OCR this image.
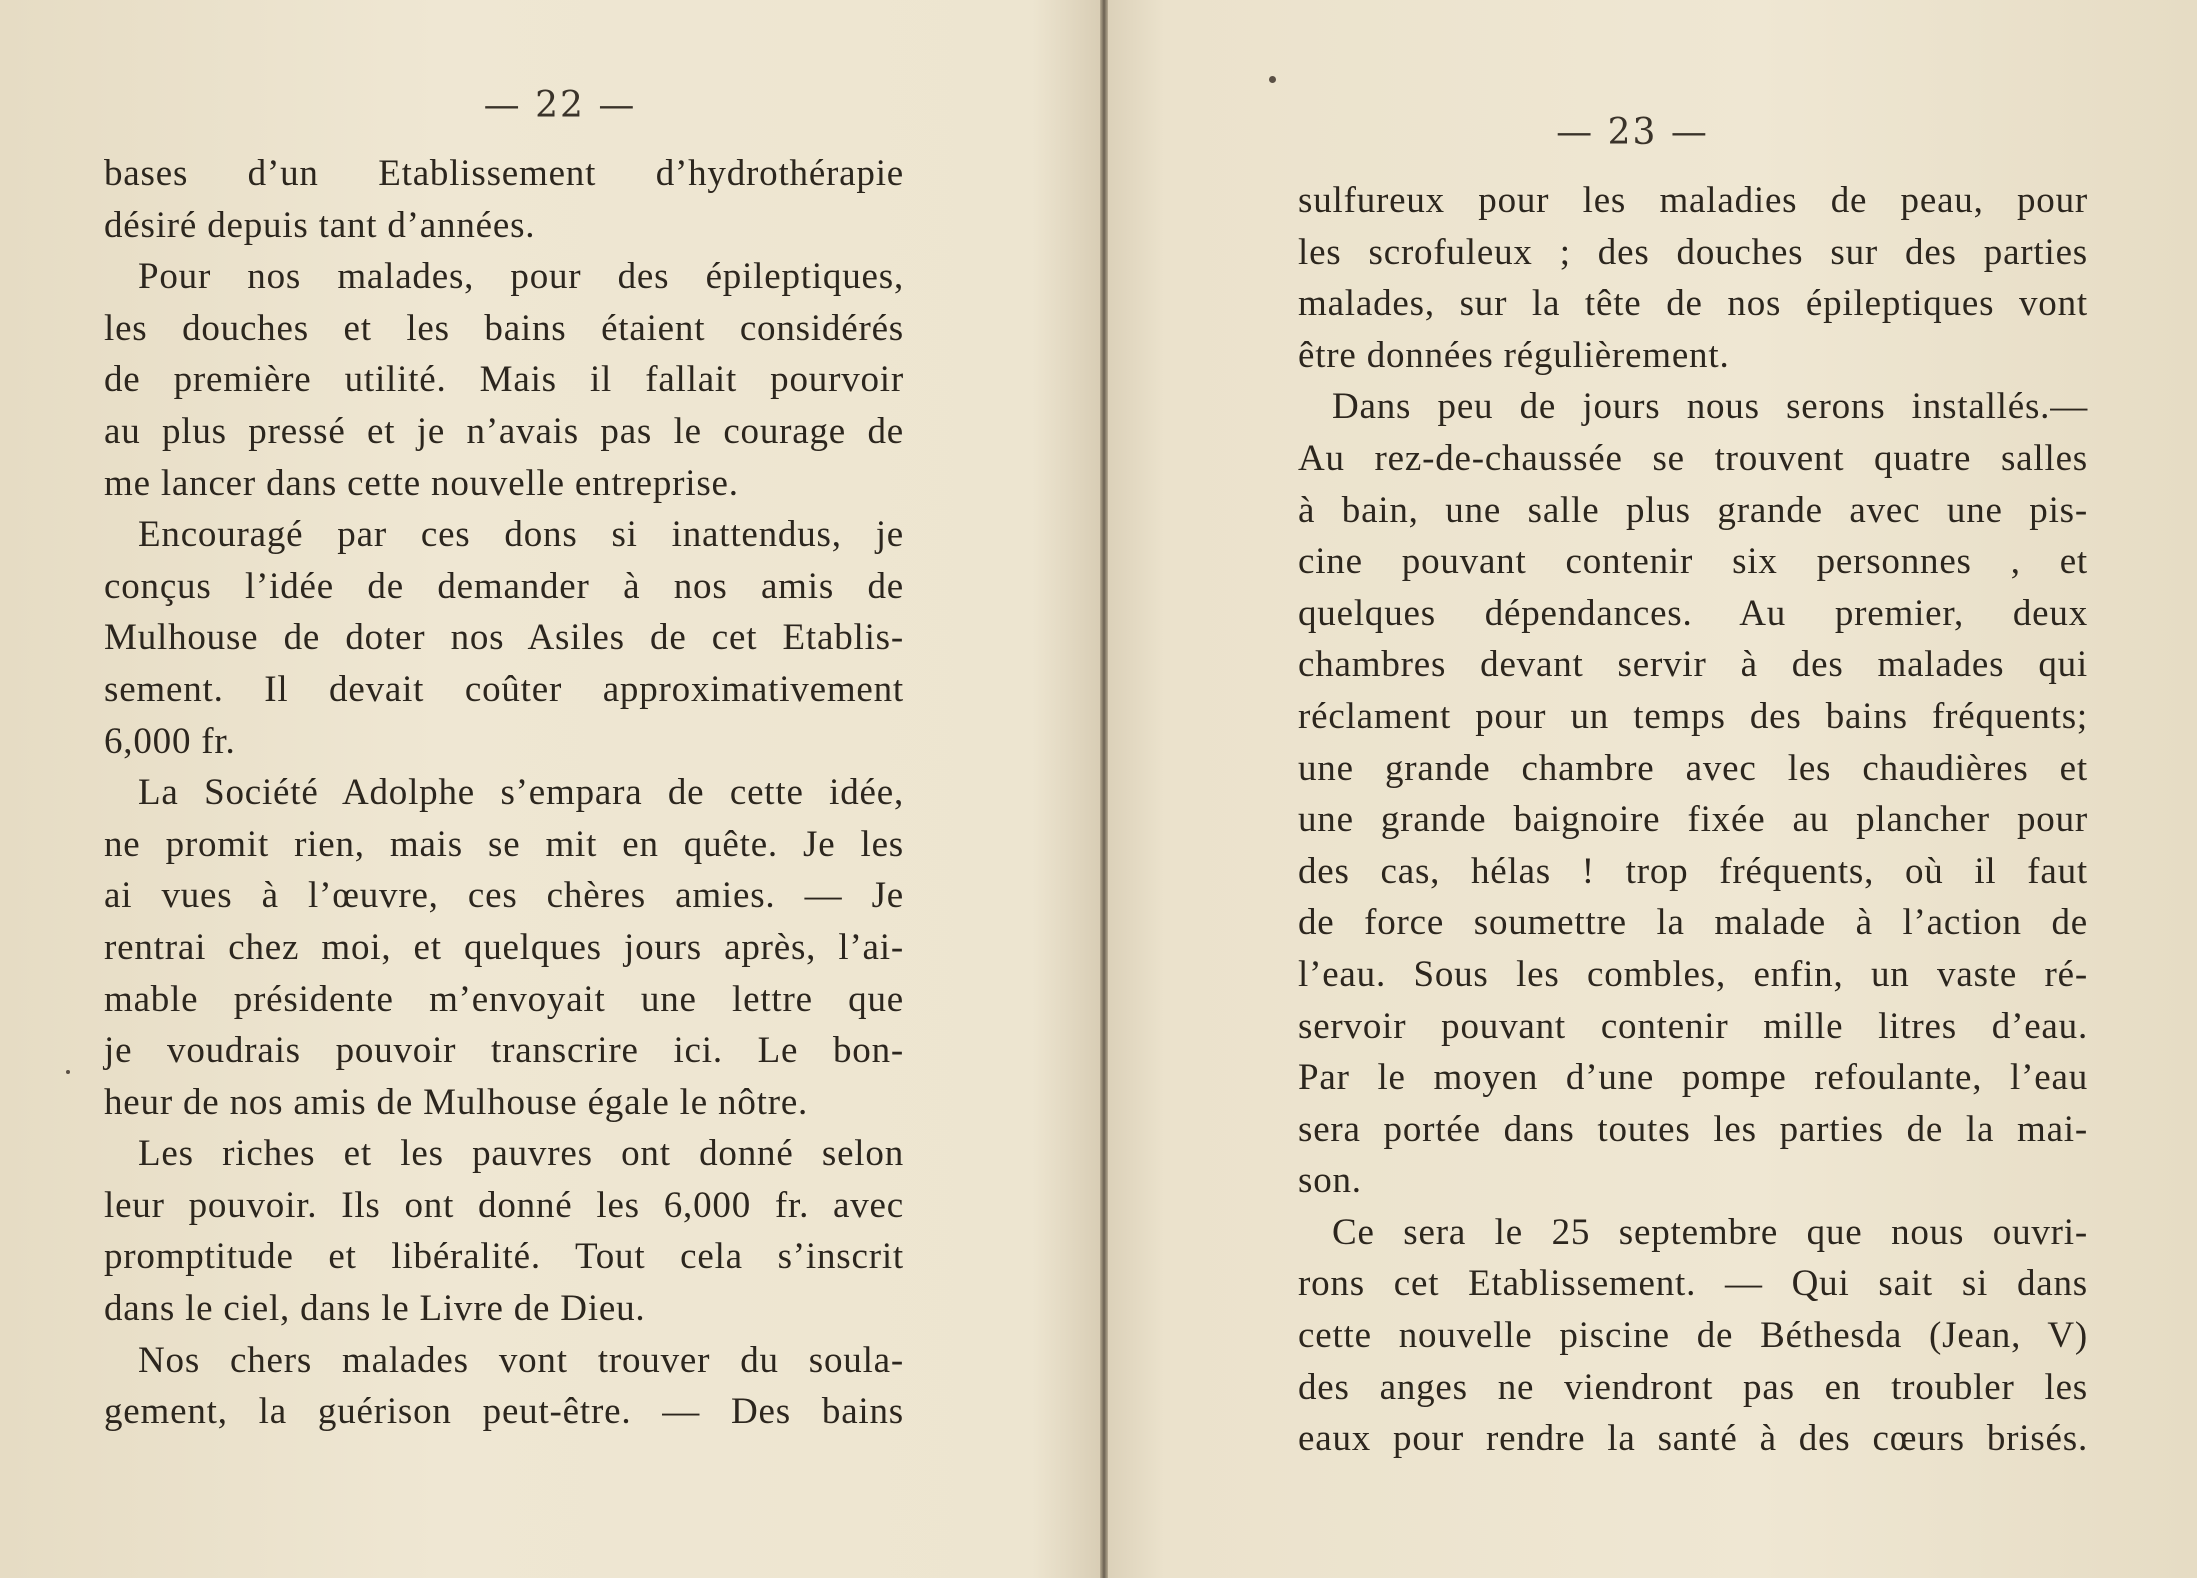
— 22 —
bases d’un Etablissement d’hydrothérapie
désiré depuis tant d’années.
Pour nos malades, pour des épileptiques,
les douches et les bains étaient considérés
de première utilité. Mais il fallait pourvoir
au plus pressé et je n’avais pas le courage de
me lancer dans cette nouvelle entreprise.
Encouragé par ces dons si inattendus, je
conçus l’idée de demander à nos amis de
Mulhouse de doter nos Asiles de cet Etablis-
sement. Il devait coûter approximativement
6,000 fr.
La Société Adolphe s’empara de cette idée,
ne promit rien, mais se mit en quête. Je les
ai vues à l’œuvre, ces chères amies. — Je
rentrai chez moi, et quelques jours après, l’ai-
mable présidente m’envoyait une lettre que
je voudrais pouvoir transcrire ici. Le bon-
heur de nos amis de Mulhouse égale le nôtre.
Les riches et les pauvres ont donné selon
leur pouvoir. Ils ont donné les 6,000 fr. avec
promptitude et libéralité. Tout cela s’inscrit
dans le ciel, dans le Livre de Dieu.
Nos chers malades vont trouver du soula-
gement, la guérison peut-être. — Des bains
— 23 —
sulfureux pour les maladies de peau, pour
les scrofuleux ; des douches sur des parties
malades, sur la tête de nos épileptiques vont
être données régulièrement.
Dans peu de jours nous serons installés.—
Au rez-de-chaussée se trouvent quatre salles
à bain, une salle plus grande avec une pis-
cine pouvant contenir six personnes , et
quelques dépendances. Au premier, deux
chambres devant servir à des malades qui
réclament pour un temps des bains fréquents;
une grande chambre avec les chaudières et
une grande baignoire fixée au plancher pour
des cas, hélas ! trop fréquents, où il faut
de force soumettre la malade à l’action de
l’eau. Sous les combles, enfin, un vaste ré-
servoir pouvant contenir mille litres d’eau.
Par le moyen d’une pompe refoulante, l’eau
sera portée dans toutes les parties de la mai-
son.
Ce sera le 25 septembre que nous ouvri-
rons cet Etablissement. — Qui sait si dans
cette nouvelle piscine de Béthesda (Jean, V)
des anges ne viendront pas en troubler les
eaux pour rendre la santé à des cœurs brisés.
